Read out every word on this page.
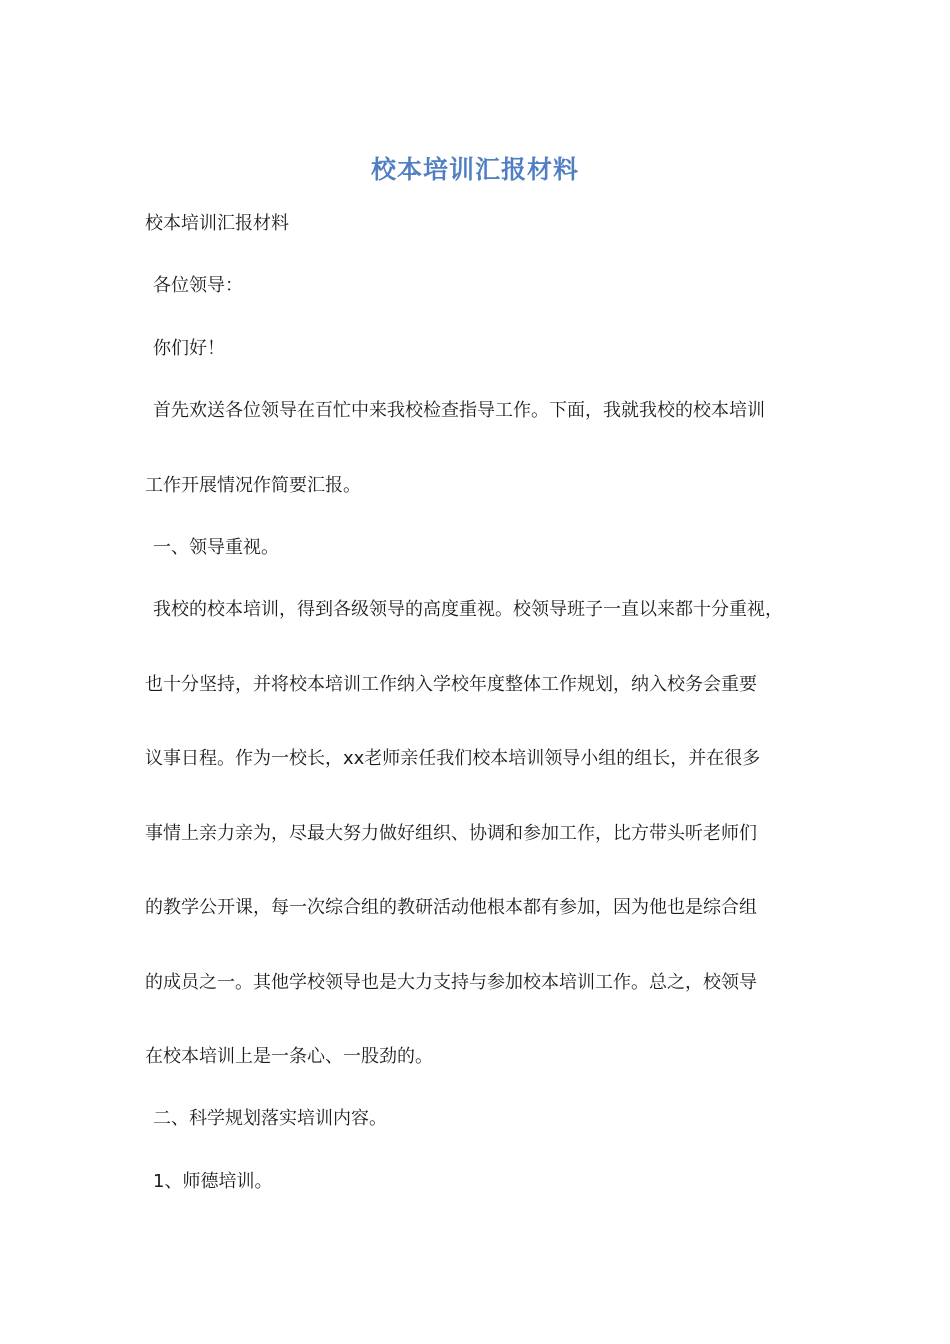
校本培训汇报材料
校本培训汇报材料
各位领导：
你们好！
首先欢送各位领导在百忙中来我校检查指导工作。下面，我就我校的校本培训
工作开展情况作简要汇报。
一、领导重视。
我校的校本培训，得到各级领导的高度重视。校领导班子一直以来都十分重视，
也十分坚持，并将校本培训工作纳入学校年度整体工作规划，纳入校务会重要
议事日程。作为一校长，xx老师亲任我们校本培训领导小组的组长，并在很多
事情上亲力亲为，尽最大努力做好组织、协调和参加工作，比方带头听老师们
的教学公开课，每一次综合组的教研活动他根本都有参加，因为他也是综合组
的成员之一。其他学校领导也是大力支持与参加校本培训工作。总之，校领导
在校本培训上是一条心、一股劲的。
二、科学规划落实培训内容。
1、师德培训。
